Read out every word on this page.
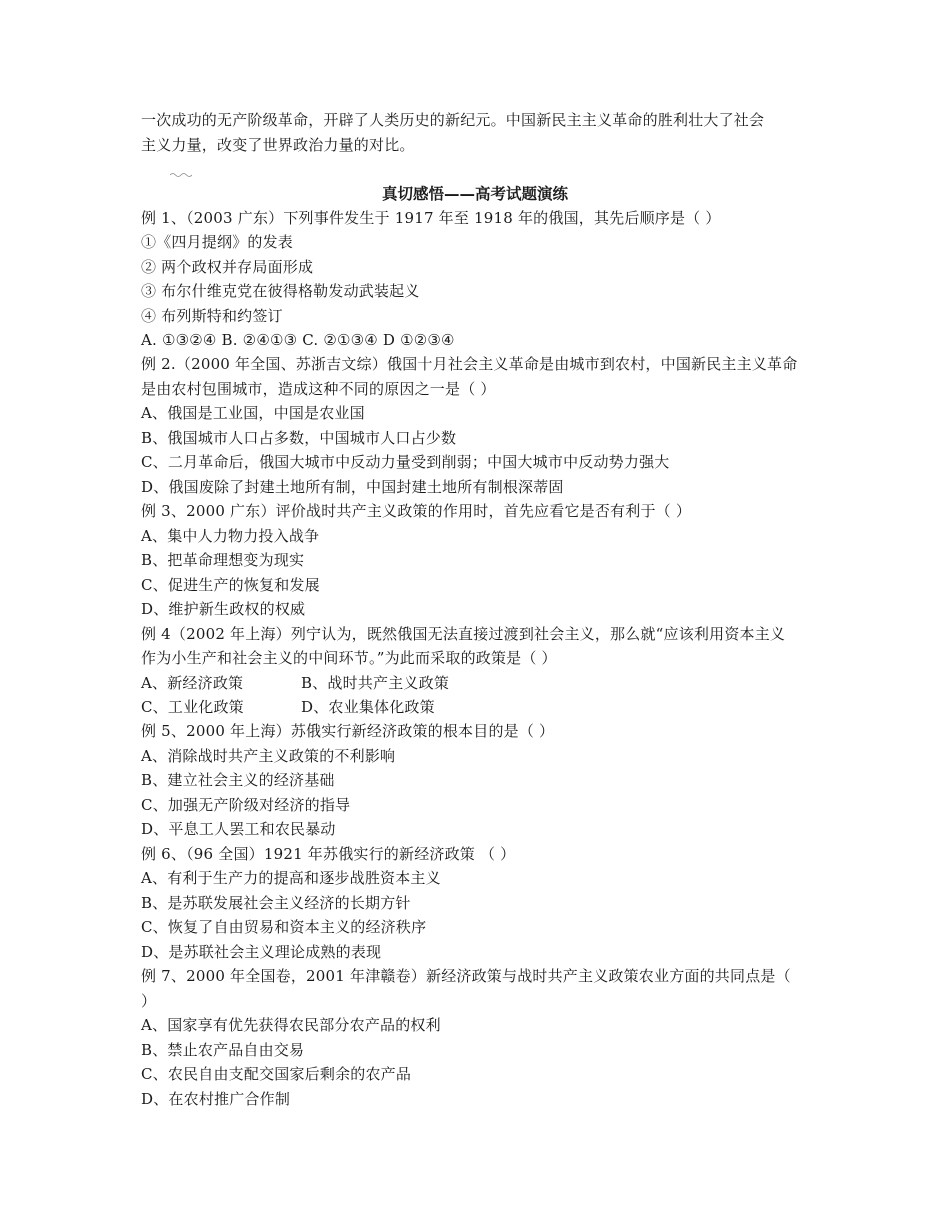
一次成功的无产阶级革命，开辟了人类历史的新纪元。中国新民主主义革命的胜利壮大了社会
主义力量，改变了世界政治力量的对比。
真切感悟——高考试题演练
例 1、（2003 广东）下列事件发生于 1917 年至 1918 年的俄国，其先后顺序是（ ）
①《四月提纲》的发表
② 两个政权并存局面形成
③ 布尔什维克党在彼得格勒发动武装起义
④ 布列斯特和约签订
A. ①③②④ B. ②④①③ C. ②①③④ D ①②③④
例 2.（2000 年全国、苏浙吉文综）俄国十月社会主义革命是由城市到农村，中国新民主主义革命
是由农村包围城市，造成这种不同的原因之一是（ ）
A、俄国是工业国，中国是农业国
B、俄国城市人口占多数，中国城市人口占少数
C、二月革命后，俄国大城市中反动力量受到削弱；中国大城市中反动势力强大
D、俄国废除了封建土地所有制，中国封建土地所有制根深蒂固
例 3、2000 广东）评价战时共产主义政策的作用时，首先应看它是否有利于（ ）
A、集中人力物力投入战争
B、把革命理想变为现实
C、促进生产的恢复和发展
D、维护新生政权的权威
例 4（2002 年上海）列宁认为，既然俄国无法直接过渡到社会主义，那么就“应该利用资本主义
作为小生产和社会主义的中间环节。”为此而采取的政策是（ ）
A、新经济政策	B、战时共产主义政策
C、工业化政策	D、农业集体化政策
例 5、2000 年上海）苏俄实行新经济政策的根本目的是（ ）
A、消除战时共产主义政策的不利影响
B、建立社会主义的经济基础
C、加强无产阶级对经济的指导
D、平息工人罢工和农民暴动
例 6、（96 全国）1921 年苏俄实行的新经济政策 （ ）
A、有利于生产力的提高和逐步战胜资本主义
B、是苏联发展社会主义经济的长期方针
C、恢复了自由贸易和资本主义的经济秩序
D、是苏联社会主义理论成熟的表现
例 7、2000 年全国卷，2001 年津赣卷）新经济政策与战时共产主义政策农业方面的共同点是（
）
A、国家享有优先获得农民部分农产品的权利
B、禁止农产品自由交易
C、农民自由支配交国家后剩余的农产品
D、在农村推广合作制
